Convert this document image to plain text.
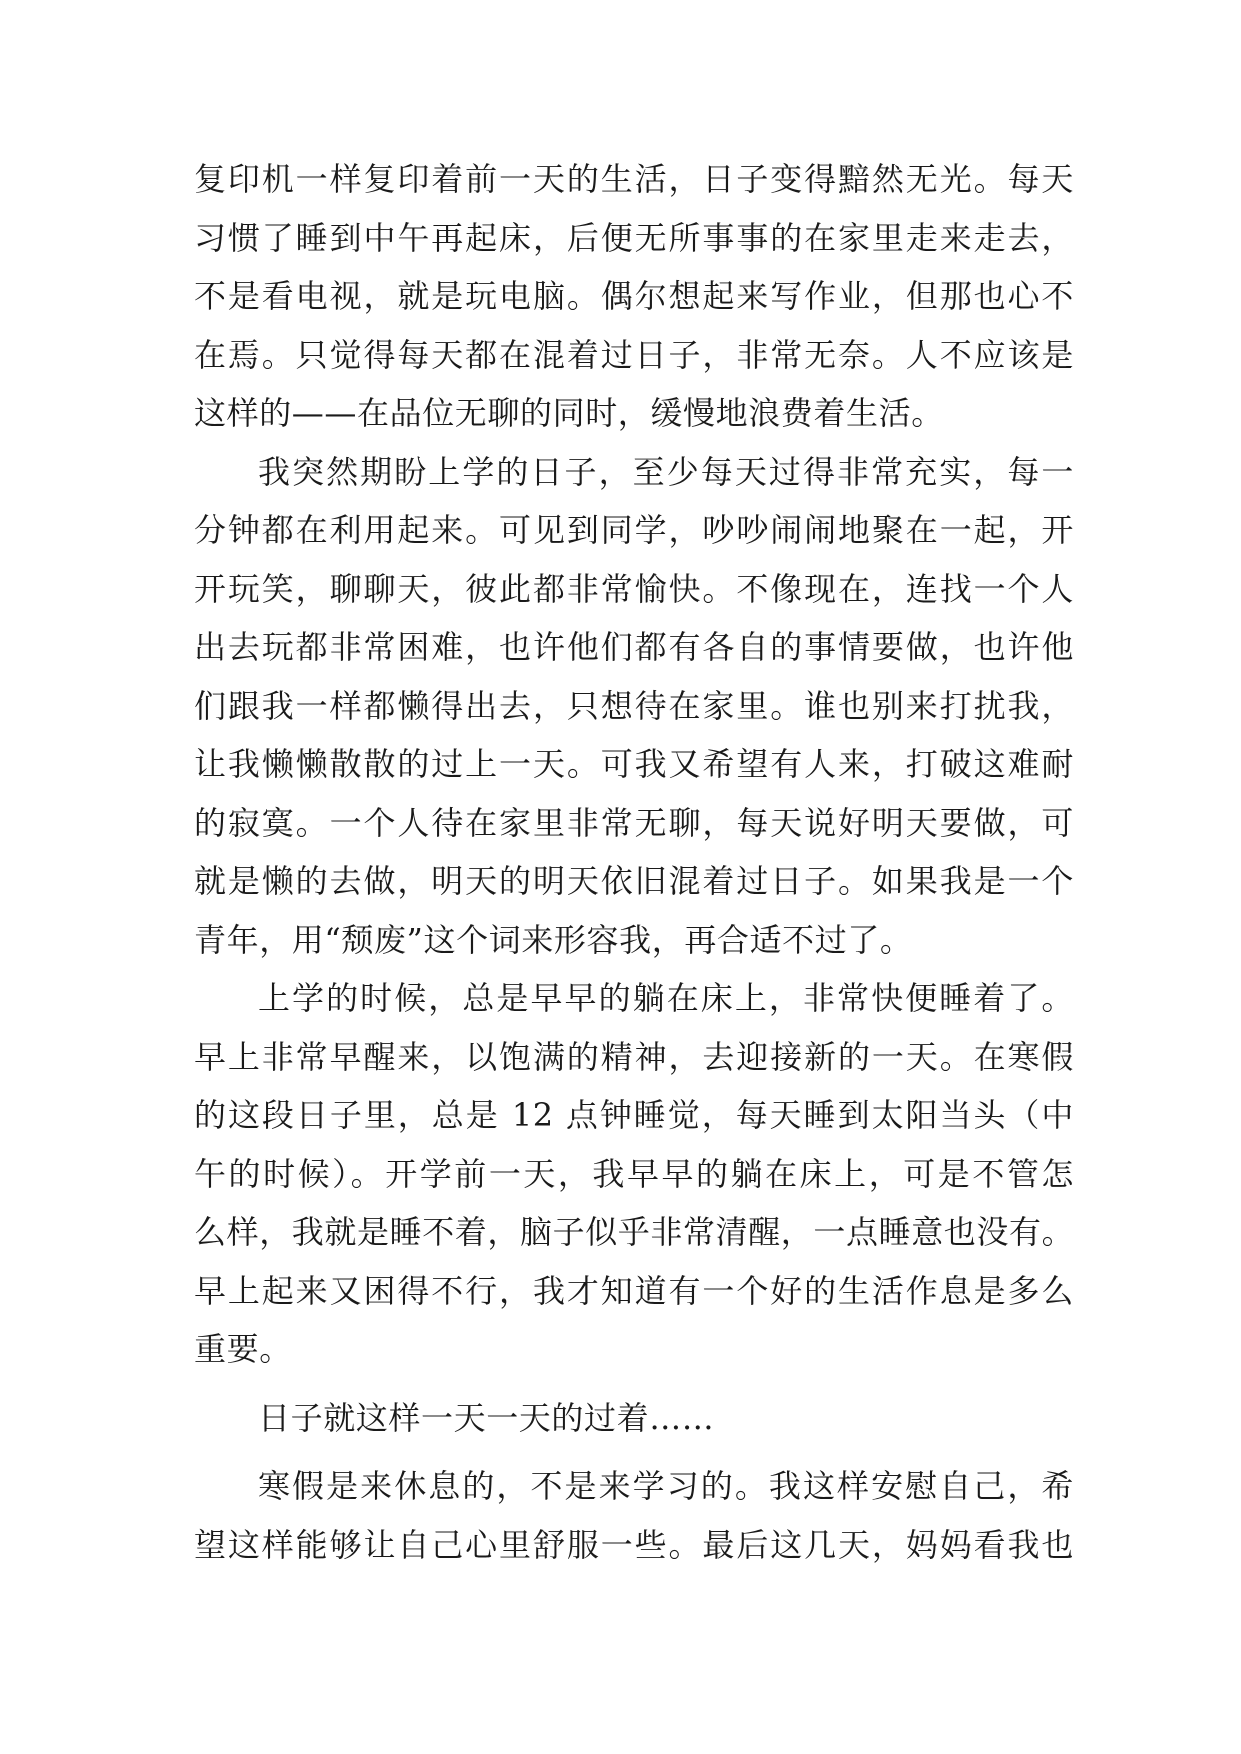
复印机一样复印着前一天的生活，日子变得黯然无光。每天
习惯了睡到中午再起床，后便无所事事的在家里走来走去，
不是看电视，就是玩电脑。偶尔想起来写作业，但那也心不
在焉。只觉得每天都在混着过日子，非常无奈。人不应该是
这样的——在品位无聊的同时，缓慢地浪费着生活。
我突然期盼上学的日子，至少每天过得非常充实，每一
分钟都在利用起来。可见到同学，吵吵闹闹地聚在一起，开
开玩笑，聊聊天，彼此都非常愉快。不像现在，连找一个人
出去玩都非常困难，也许他们都有各自的事情要做，也许他
们跟我一样都懒得出去，只想待在家里。谁也别来打扰我，
让我懒懒散散的过上一天。可我又希望有人来，打破这难耐
的寂寞。一个人待在家里非常无聊，每天说好明天要做，可
就是懒的去做，明天的明天依旧混着过日子。如果我是一个
青年，用“颓废”这个词来形容我，再合适不过了。
上学的时候，总是早早的躺在床上，非常快便睡着了。
早上非常早醒来，以饱满的精神，去迎接新的一天。在寒假
的这段日子里，总是 12 点钟睡觉，每天睡到太阳当头（中
午的时候）。开学前一天，我早早的躺在床上，可是不管怎
么样，我就是睡不着，脑子似乎非常清醒，一点睡意也没有。
早上起来又困得不行，我才知道有一个好的生活作息是多么
重要。
日子就这样一天一天的过着……
寒假是来休息的，不是来学习的。我这样安慰自己，希
望这样能够让自己心里舒服一些。最后这几天，妈妈看我也
